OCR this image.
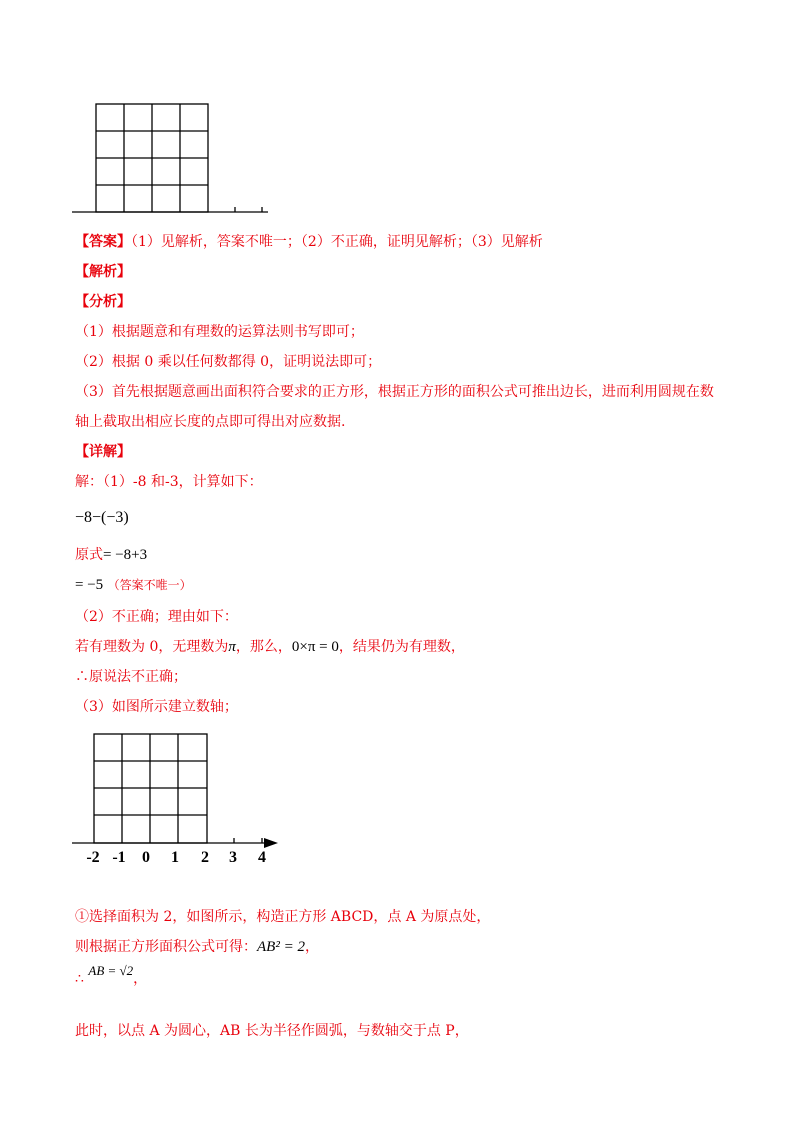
【答案】（1）见解析，答案不唯一；（2）不正确，证明见解析；（3）见解析
【解析】
【分析】
（1）根据题意和有理数的运算法则书写即可；
（2）根据 0 乘以任何数都得 0，证明说法即可；
（3）首先根据题意画出面积符合要求的正方形，根据正方形的面积公式可推出边长，进而利用圆规在数
轴上截取出相应长度的点即可得出对应数据.
【详解】
解：（1）-8 和-3，计算如下：
−8−(−3)
原式= −8+3
= −5 （答案不唯一）
（2）不正确；理由如下：
若有理数为 0，无理数为π，那么，0×π = 0，结果仍为有理数，
∴原说法不正确；
（3）如图所示建立数轴；
-2 -1 0 1 2 3 4
①选择面积为 2，如图所示，构造正方形 ABCD，点 A 为原点处，
则根据正方形面积公式可得：AB² = 2，
∴ AB = √2，
此时，以点 A 为圆心，AB 长为半径作圆弧，与数轴交于点 P，
